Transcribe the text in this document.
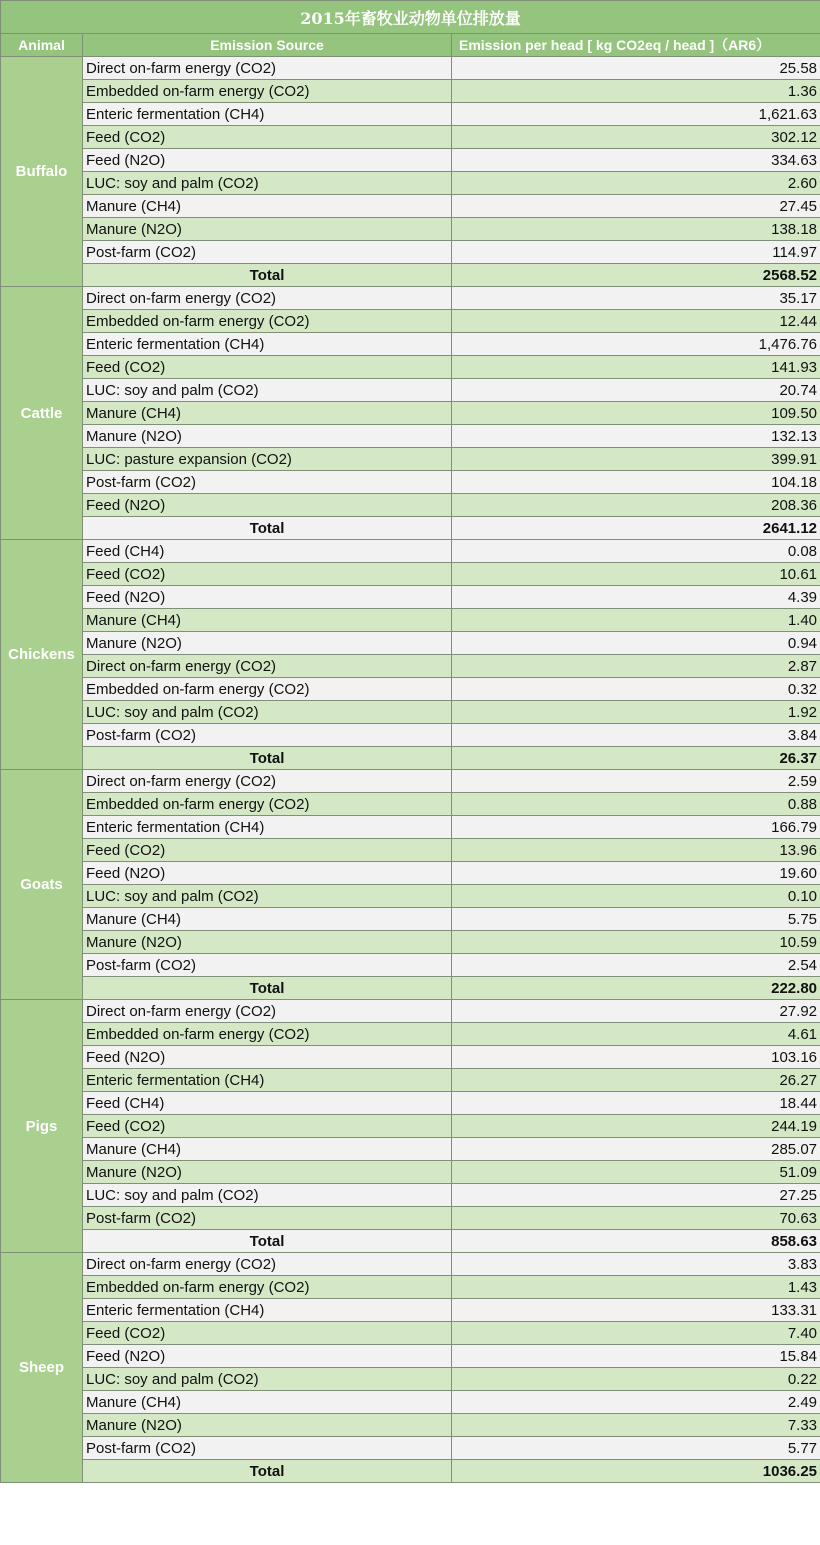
2015年畜牧业动物单位排放量		
Animal	Emission Source	Emission per head [ kg CO2eq / head ]（AR6）
Buffalo	Direct on-farm energy (CO2)	25.58
	Embedded on-farm energy (CO2)	1.36
	Enteric fermentation (CH4)	1,621.63
	Feed (CO2)	302.12
	Feed (N2O)	334.63
	LUC: soy and palm (CO2)	2.60
	Manure (CH4)	27.45
	Manure (N2O)	138.18
	Post-farm (CO2)	114.97
	Total	2568.52
Cattle	Direct on-farm energy (CO2)	35.17
	Embedded on-farm energy (CO2)	12.44
	Enteric fermentation (CH4)	1,476.76
	Feed (CO2)	141.93
	LUC: soy and palm (CO2)	20.74
	Manure (CH4)	109.50
	Manure (N2O)	132.13
	LUC: pasture expansion (CO2)	399.91
	Post-farm (CO2)	104.18
	Feed (N2O)	208.36
	Total	2641.12
Chickens	Feed (CH4)	0.08
	Feed (CO2)	10.61
	Feed (N2O)	4.39
	Manure (CH4)	1.40
	Manure (N2O)	0.94
	Direct on-farm energy (CO2)	2.87
	Embedded on-farm energy (CO2)	0.32
	LUC: soy and palm (CO2)	1.92
	Post-farm (CO2)	3.84
	Total	26.37
Goats	Direct on-farm energy (CO2)	2.59
	Embedded on-farm energy (CO2)	0.88
	Enteric fermentation (CH4)	166.79
	Feed (CO2)	13.96
	Feed (N2O)	19.60
	LUC: soy and palm (CO2)	0.10
	Manure (CH4)	5.75
	Manure (N2O)	10.59
	Post-farm (CO2)	2.54
	Total	222.80
Pigs	Direct on-farm energy (CO2)	27.92
	Embedded on-farm energy (CO2)	4.61
	Feed (N2O)	103.16
	Enteric fermentation (CH4)	26.27
	Feed (CH4)	18.44
	Feed (CO2)	244.19
	Manure (CH4)	285.07
	Manure (N2O)	51.09
	LUC: soy and palm (CO2)	27.25
	Post-farm (CO2)	70.63
	Total	858.63
Sheep	Direct on-farm energy (CO2)	3.83
	Embedded on-farm energy (CO2)	1.43
	Enteric fermentation (CH4)	133.31
	Feed (CO2)	7.40
	Feed (N2O)	15.84
	LUC: soy and palm (CO2)	0.22
	Manure (CH4)	2.49
	Manure (N2O)	7.33
	Post-farm (CO2)	5.77
	Total	1036.25
